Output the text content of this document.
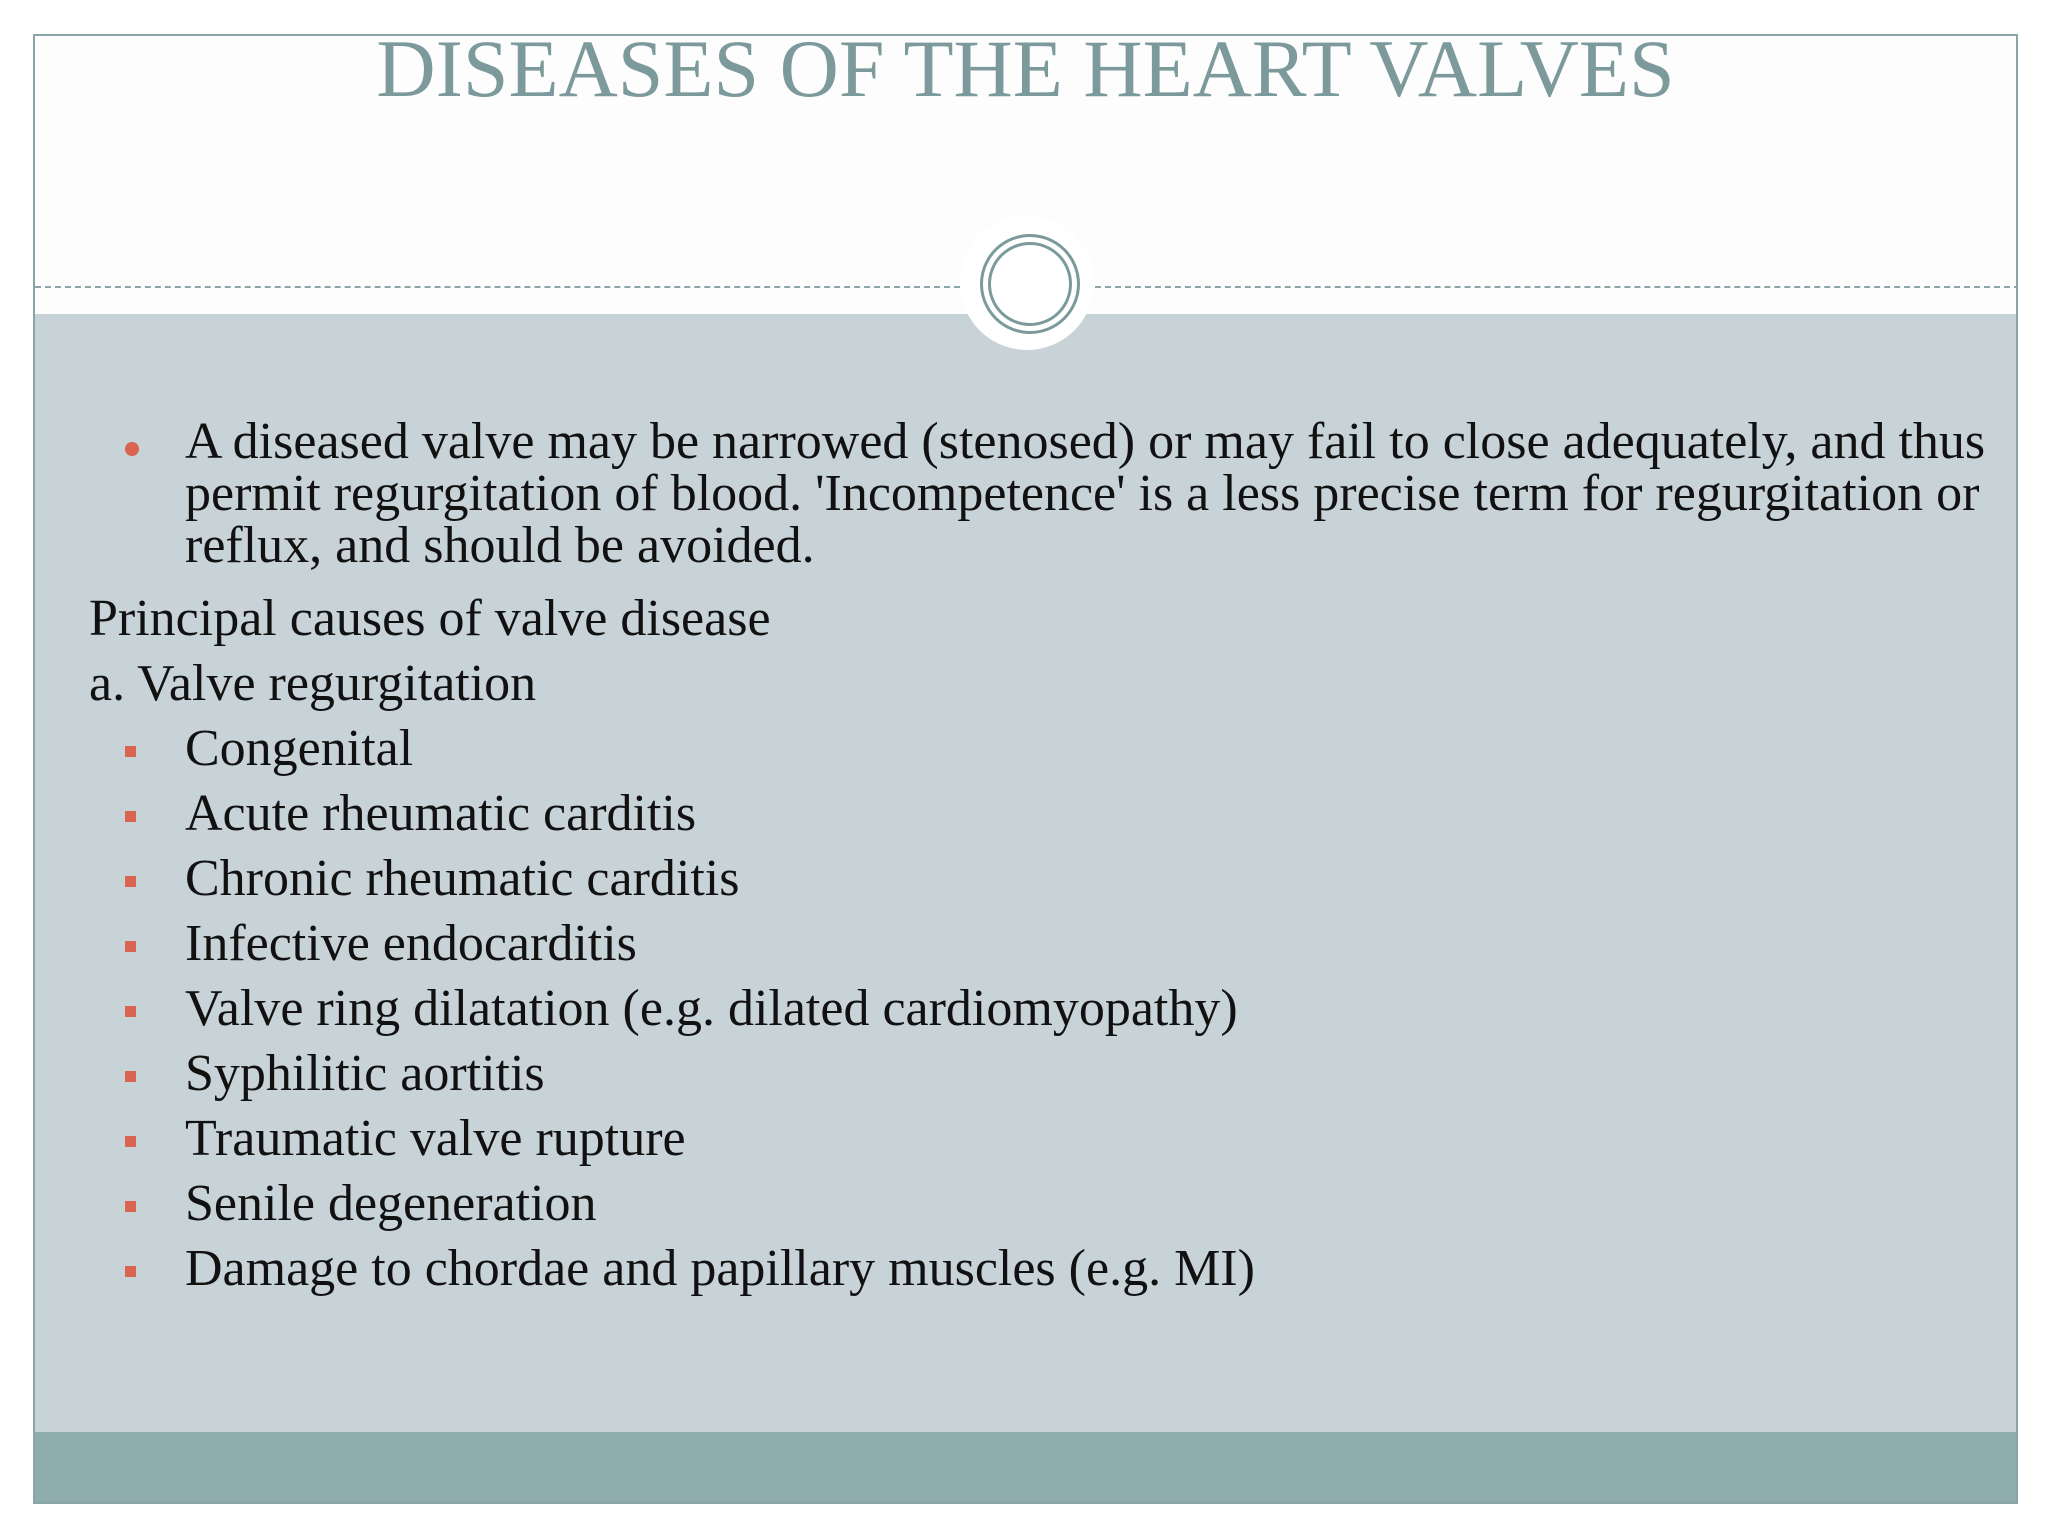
DISEASES OF THE HEART VALVES
A diseased valve may be narrowed (stenosed) or may fail to close adequately, and thus permit regurgitation of blood. 'Incompetence' is a less precise term for regurgitation or reflux, and should be avoided.
Principal causes of valve disease
a. Valve regurgitation
Congenital
Acute rheumatic carditis
Chronic rheumatic carditis
Infective endocarditis
Valve ring dilatation (e.g. dilated cardiomyopathy)
Syphilitic aortitis
Traumatic valve rupture
Senile degeneration
Damage to chordae and papillary muscles (e.g. MI)
